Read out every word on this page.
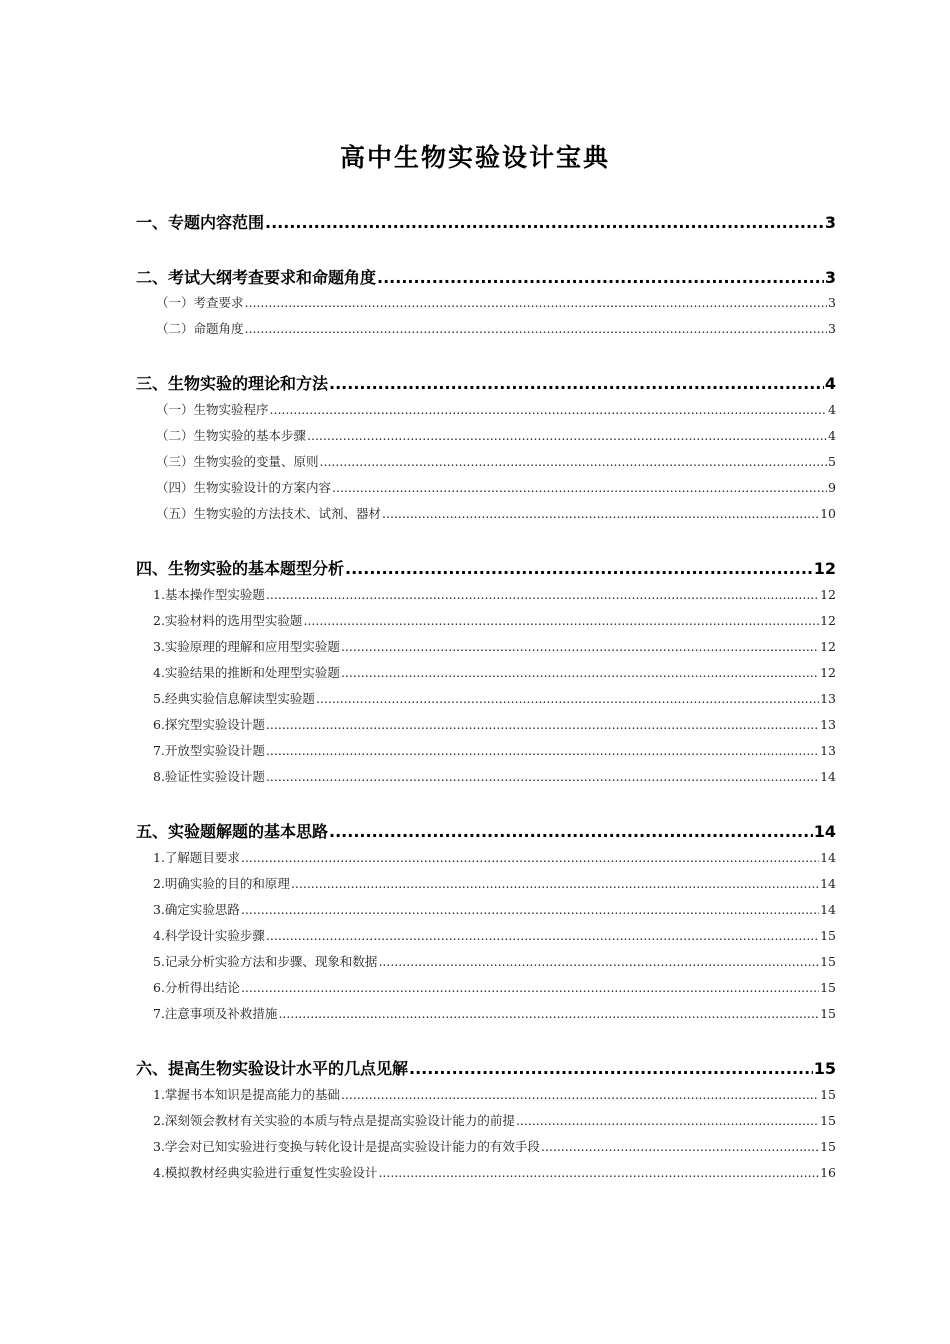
高中生物实验设计宝典
一、专题内容范围 .....	3
二、考试大纲考查要求和命题角度 .....	3
（一）考查要求 .....	3
（二）命题角度 .....	3
三、生物实验的理论和方法 .....	4
（一）生物实验程序 .....	4
（二）生物实验的基本步骤 .....	4
（三）生物实验的变量、原则 .....	5
（四）生物实验设计的方案内容 .....	9
（五）生物实验的方法技术、试剂、器材 .....	10
四、生物实验的基本题型分析 .....	12
1.基本操作型实验题 .....	12
2.实验材料的选用型实验题 .....	12
3.实验原理的理解和应用型实验题 .....	12
4.实验结果的推断和处理型实验题 .....	12
5.经典实验信息解读型实验题 .....	13
6.探究型实验设计题 .....	13
7.开放型实验设计题 .....	13
8.验证性实验设计题 .....	14
五、实验题解题的基本思路 .....	14
1.了解题目要求 .....	14
2.明确实验的目的和原理 .....	14
3.确定实验思路 .....	14
4.科学设计实验步骤 .....	15
5.记录分析实验方法和步骤、现象和数据 .....	15
6.分析得出结论 .....	15
7.注意事项及补救措施 .....	15
六、提高生物实验设计水平的几点见解 .....	15
1.掌握书本知识是提高能力的基础 .....	15
2.深刻领会教材有关实验的本质与特点是提高实验设计能力的前提 .....	15
3.学会对已知实验进行变换与转化设计是提高实验设计能力的有效手段 .....	15
4.模拟教材经典实验进行重复性实验设计 .....	16
